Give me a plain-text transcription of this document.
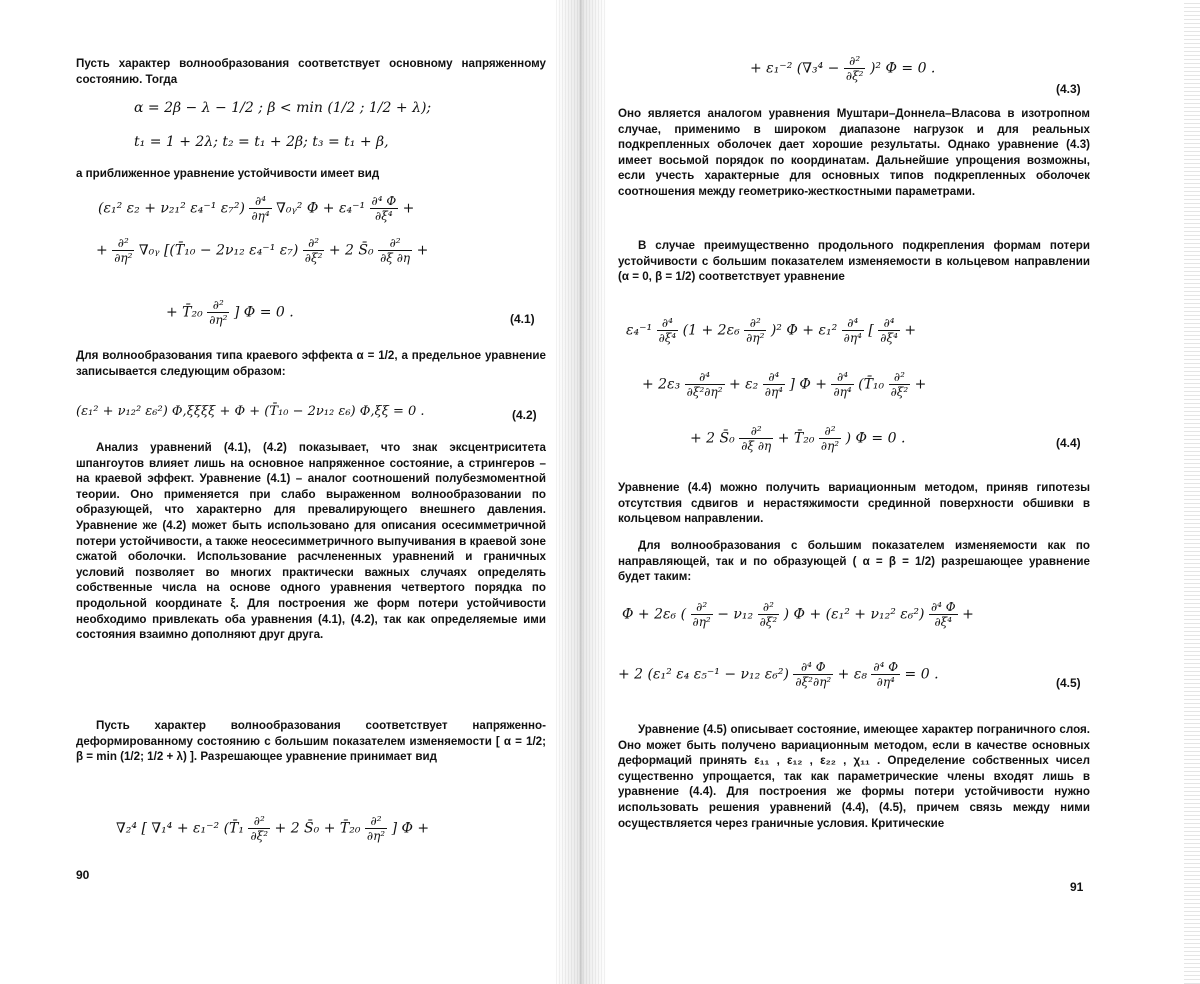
Пусть характер волнообразования соответствует основному напряженному состоянию. Тогда
α = 2β − λ − 1/2 ; β < min (1/2 ; 1/2 + λ);
t₁ = 1 + 2λ; t₂ = t₁ + 2β; t₃ = t₁ + β,
а приближенное уравнение устойчивости имеет вид
(ε₁² ε₂ + ν₂₁² ε₄⁻¹ $\varepsilon_7^2) \frac{\text{∂⁴}}{\text{∂η⁴}}$ ∇₀ᵧ² $\Phi + \varepsilon_4^{-1} \frac{\text{∂⁴ Φ}}{\text{∂ξ⁴}}$ +
+ $\frac{\text{∂²}}{\text{∂η²}}$ ∇₀ᵧ [(T̄₁₀ − 2ν₁₂ ε₄⁻¹ $\varepsilon_7) \frac{\text{∂²}}{\text{∂ξ²}} + 2$ S̄₀ $\frac{\text{∂²}}{\partial\xi \partial\eta}$ +
+ T̄₂₀ $\frac{\text{∂²}}{\text{∂η²}}$ ] Φ = 0 .	(4.1)
Для волнообразования типа краевого эффекта α = 1/2, а предельное уравнение записывается следующим образом:
(ε₁² + ν₁₂² ε₆²) Φ,ξξξξ + Φ + (T̄₁₀ − 2ν₁₂ ε₆) Φ,ξξ = 0 .	(4.2)
Анализ уравнений (4.1), (4.2) показывает, что знак эксцентриситета шпангоутов влияет лишь на основное напряженное состояние, а стрингеров – на краевой эффект. Уравнение (4.1) – аналог соотношений полубезмоментной теории. Оно применяется при слабо выраженном волнообразовании по образующей, что характерно для превалирующего внешнего давления. Уравнение же (4.2) может быть использовано для описания осесимметричной потери устойчивости, а также неосесимметричного выпучивания в краевой зоне сжатой оболочки. Использование расчлененных уравнений и граничных условий позволяет во многих практически важных случаях определять собственные числа на основе одного уравнения четвертого порядка по продольной координате ξ. Для построения же форм потери устойчивости необходимо привлекать оба уравнения (4.1), (4.2), так как определяемые ими состояния взаимно дополняют друг друга.
Пусть характер волнообразования соответствует напряженно-деформированному состоянию с большим показателем изменяемости [ α = 1/2; β = min (1/2; 1/2 + λ) ]. Разрешающее уравнение принимает вид
∇₂⁴ [ ∇₁⁴ + ε₁⁻² (T̄₁ $\frac{\text{∂²}}{\text{∂ξ²}} + 2$ S̄₀ + T̄₂₀ $\frac{\text{∂²}}{\text{∂η²}}$ ] Φ +
90
+ ε₁⁻² $(\nabla_3^4 - \frac{\text{∂²}}{\text{∂ξ²}} )^2$ Φ = 0 .
(4.3)
Оно является аналогом уравнения Муштари–Доннела–Власова в изотропном случае, применимо в широком диапазоне нагрузок и для реальных подкрепленных оболочек дает хорошие результаты. Однако уравнение (4.3) имеет восьмой порядок по координатам. Дальнейшие упрощения возможны, если учесть характерные для основных типов подкрепленных оболочек соотношения между геометрико-жесткостными параметрами.
В случае преимущественно продольного подкрепления формам потери устойчивости с большим показателем изменяемости в кольцевом направлении (α = 0, β = 1/2) соответствует уравнение
$\varepsilon_4^{-1} \frac{\text{∂⁴}}{\text{∂ξ⁴}} (1 + 2\varepsilon_6 \frac{\text{∂²}}{\text{∂η²}} )^2$ $\Phi + \varepsilon_1^2 \frac{\text{∂⁴}}{\text{∂η⁴}}$ [ $\frac{\text{∂⁴}}{\text{∂ξ⁴}}$ +
+ $2\varepsilon_3 \frac{\text{∂⁴}}{\text{∂ξ²∂η²}} + \varepsilon_2 \frac{\text{∂⁴}}{\text{∂η⁴}}$ ] $\Phi + \frac{\text{∂⁴}}{\text{∂η⁴}}$ (T̄₁₀ $\frac{\text{∂²}}{\text{∂ξ²}}$ +
+ 2 S̄₀ $\frac{\text{∂²}}{\partial\xi \partial\eta}$ + T̄₂₀ $\frac{\text{∂²}}{\text{∂η²}}$ ) Φ = 0 .	(4.4)
Уравнение (4.4) можно получить вариационным методом, приняв гипотезы отсутствия сдвигов и нерастяжимости срединной поверхности обшивки в кольцевом направлении.
Для волнообразования с большим показателем изменяемости как по направляющей, так и по образующей ( α = β = 1/2) разрешающее уравнение будет таким:
Φ + 2ε₆ ( $\frac{\text{∂²}}{\text{∂η²}} - \nu_{12} \frac{\text{∂²}}{\text{∂ξ²}}$ ) Φ + (ε₁² + ν₁₂² $\varepsilon_6^2) \frac{\text{∂⁴ Φ}}{\text{∂ξ⁴}}$ +
+ 2 (ε₁² ε₄ ε₅⁻¹ − ν₁₂ $\varepsilon_6^2) \frac{\text{∂⁴ Φ}}{\text{∂ξ²∂η²}} + \varepsilon_8 \frac{\text{∂⁴ Φ}}{\text{∂η⁴}} = 0$ .
(4.5)
Уравнение (4.5) описывает состояние, имеющее характер пограничного слоя. Оно может быть получено вариационным методом, если в качестве основных деформаций принять ε₁₁ , ε₁₂ , ε₂₂ , χ₁₁ . Определение собственных чисел существенно упрощается, так как параметрические члены входят лишь в уравнение (4.4). Для построения же формы потери устойчивости нужно использовать решения уравнений (4.4), (4.5), причем связь между ними осуществляется через граничные условия. Критические
91
